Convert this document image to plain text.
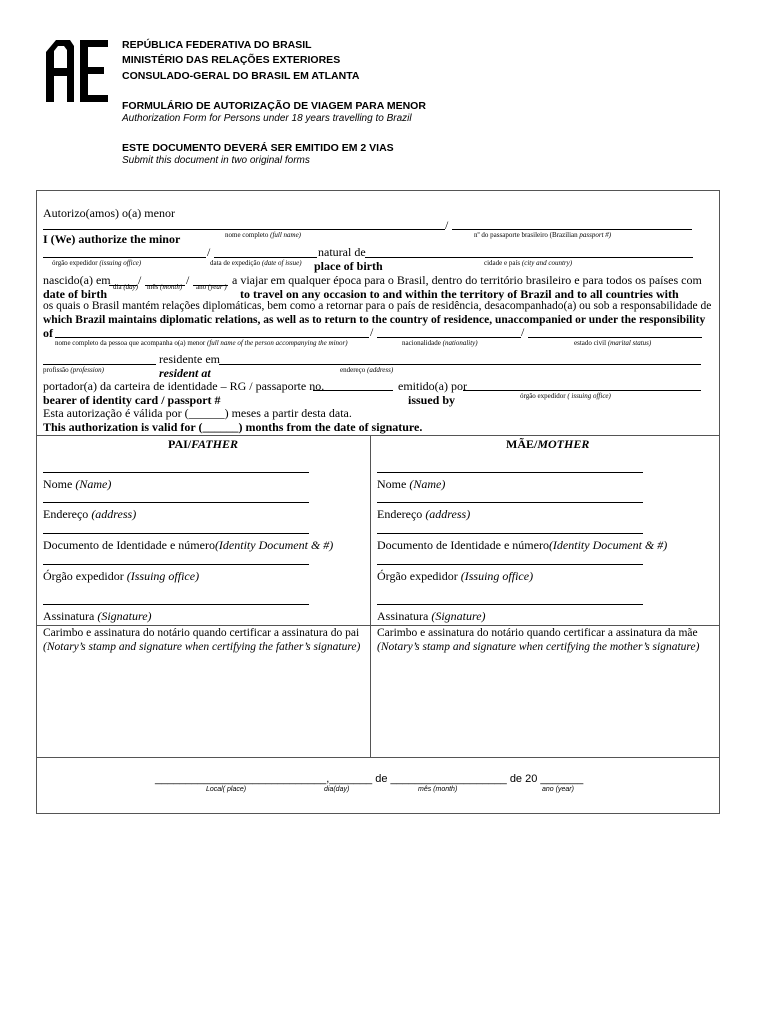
REPÚBLICA FEDERATIVA DO BRASIL
MINISTÉRIO DAS RELAÇÕES EXTERIORES
CONSULADO-GERAL DO BRASIL EM ATLANTA
FORMULÁRIO DE AUTORIZAÇÃO DE VIAGEM PARA MENOR
Authorization Form for Persons under 18 years travelling to Brazil
ESTE DOCUMENTO DEVERÁ SER EMITIDO EM 2 VIAS
Submit this document in two original forms
Autorizo(amos) o(a) menor
/
nome completo (full name)	nº do passaporte brasileiro (Brazilian passport #)
I (We) authorize the minor
/	natural de
órgão expedidor (issuing office)	data de expedição (date of issue) place of birth	cidade e país (city and country)
nascido(a) em /	/	a viajar em qualquer época para o Brasil, dentro do território brasileiro e para todos os países com
date of birth dia (day) mês (month) ano (year ) to travel on any occasion to and within the territory of Brazil and to all countries with
os quais o Brasil mantém relações diplomáticas, bem como a retornar para o país de residência, desacompanhado(a) ou sob a responsabilidade de
which Brazil maintains diplomatic relations, as well as to return to the country of residence, unaccompanied or under the responsibility
of	/	/
nome completo da pessoa que acompanha o(a) menor (full name of the person accompanying the minor)	nacionalidade (nationality)	estado civil (marital status)
residente em
profissão (profession)	resident at	endereço (address)
portador(a) da carteira de identidade – RG / passaporte no.	emitido(a) por
bearer of identity card / passport #	issued by	órgão expedidor ( issuing office)
Esta autorização é válida por (______) meses a partir desta data.
This authorization is valid for (______) months from the date of signature.
PAI/FATHER
Nome (Name)
Endereço (address)
Documento de Identidade e número(Identity Document & #)
Órgão expedidor (Issuing office)
Assinatura (Signature)
Carimbo e assinatura do notário quando certificar a assinatura do pai
(Notary’s stamp and signature when certifying the father’s signature)
MÃE/MOTHER
Nome (Name)
Endereço (address)
Documento de Identidade e número(Identity Document & #)
Órgão expedidor (Issuing office)
Assinatura (Signature)
Carimbo e assinatura do notário quando certificar a assinatura da mãe
(Notary’s stamp and signature when certifying the mother’s signature)
____________________________,_______ de ___________________ de 20 _______
Local( place)	dia(day)	mês (month)	ano (year)
